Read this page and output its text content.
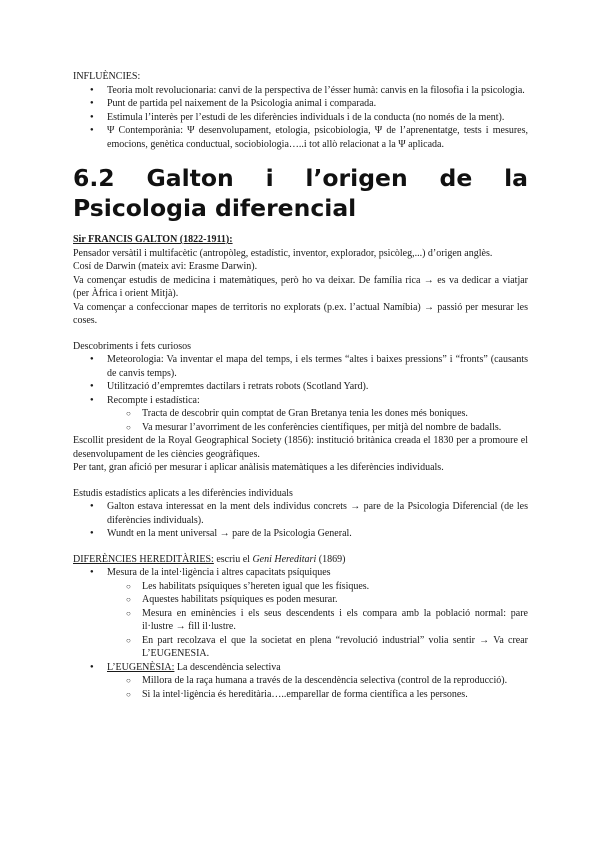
INFLUÈNCIES:

● Teoria molt revolucionaria: canvi de la perspectiva de l’ésser humà: canvis en la filosofia i la psicologia.
● Punt de partida pel naixement de la Psicologia animal i comparada.
● Estimula l’interès per l’estudi de les diferències individuals i de la conducta (no només de la ment).
● Ψ Contemporània: Ψ desenvolupament, etologia, psicobiologia, Ψ de l’aprenentatge, tests i mesures, emocions, genètica conductual, sociobiologia…..i tot allò relacionat a la Ψ aplicada.
6.2 Galton i l’origen de la Psicologia diferencial

Sir FRANCIS GALTON (1822-1911):

Pensador versàtil i multifacètic (antropòleg, estadístic, inventor, explorador, psicòleg,...) d’origen anglès.

Cosí de Darwin (mateix avi: Erasme Darwin).

Va començar estudis de medicina i matemàtiques, però ho va deixar. De família rica → es va dedicar a viatjar (per Àfrica i orient Mitjà).

Va començar a confeccionar mapes de territoris no explorats (p.ex. l’actual Namíbia) → passió per mesurar les coses.

Descobriments i fets curiosos

● Meteorologia: Va inventar el mapa del temps, i els termes “altes i baixes pressions” i “fronts” (causants de canvis temps).
● Utilització d’empremtes dactilars i retrats robots (Scotland Yard).
● Recompte i estadística:
○ Tracta de descobrir quin comptat de Gran Bretanya tenia les dones més boniques.
○ Va mesurar l’avorriment de les conferències científiques, per mitjà del nombre de badalls.

Escollit president de la Royal Geographical Society (1856): institució britànica creada el 1830 per a promoure el desenvolupament de les ciències geogràfiques.

Per tant, gran afició per mesurar i aplicar anàlisis matemàtiques a les diferències individuals.

Estudis estadístics aplicats a les diferències individuals

● Galton estava interessat en la ment dels individus concrets → pare de la Psicologia Diferencial (de les diferències individuals).
● Wundt en la ment universal → pare de la Psicologia General.

DIFERÈNCIES HEREDITÀRIES: escriu el Geni Hereditari (1869)

● Mesura de la intel·ligència i altres capacitats psíquiques
○ Les habilitats psíquiques s’hereten igual que les físiques.
○ Aquestes habilitats psíquiques es poden mesurar.
○ Mesura en eminències i els seus descendents i els compara amb la població normal: pare il·lustre → fill il·lustre.
○ En part recolzava el que la societat en plena “revolució industrial” volia sentir → Va crear L’EUGENESIA.
● L’EUGENÈSIA: La descendència selectiva
○ Millora de la raça humana a través de la descendència selectiva (control de la reproducció).
○ Si la intel·ligència és hereditària…..emparellar de forma científica a les persones.
